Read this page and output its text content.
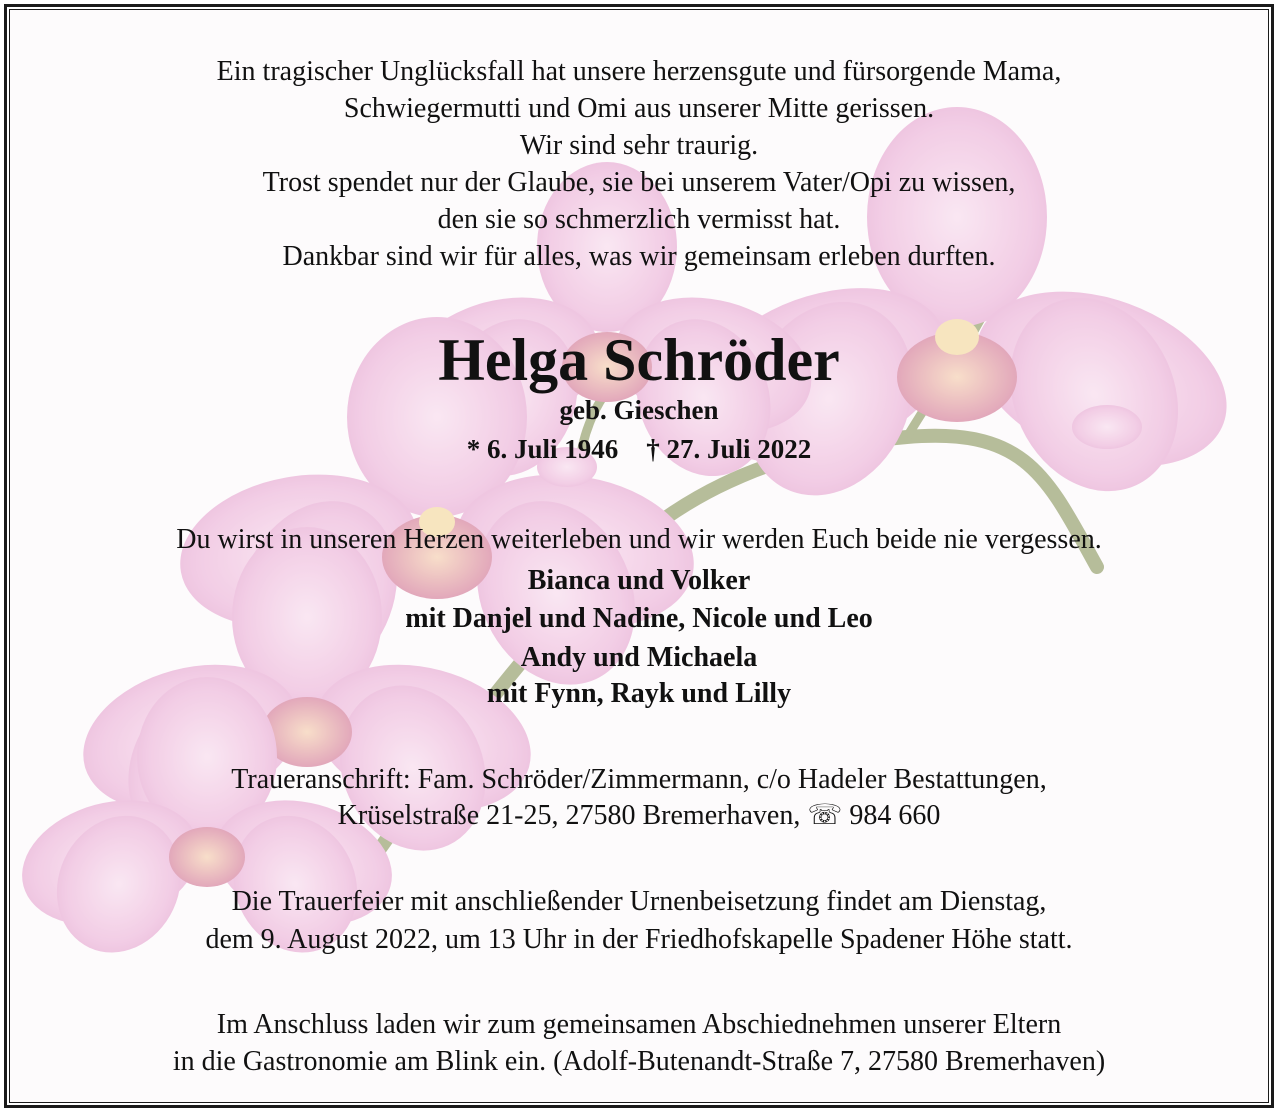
Ein tragischer Unglücksfall hat unsere herzensgute und fürsorgende Mama,
Schwiegermutti und Omi aus unserer Mitte gerissen.
Wir sind sehr traurig.
Trost spendet nur der Glaube, sie bei unserem Vater/Opi zu wissen,
den sie so schmerzlich vermisst hat.
Dankbar sind wir für alles, was wir gemeinsam erleben durften.
Helga Schröder
geb. Gieschen
* 6. Juli 1946 † 27. Juli 2022
Du wirst in unseren Herzen weiterleben und wir werden Euch beide nie vergessen.
Bianca und Volker
mit Danjel und Nadine, Nicole und Leo
Andy und Michaela
mit Fynn, Rayk und Lilly
Traueranschrift: Fam. Schröder/Zimmermann, c/o Hadeler Bestattungen,
Krüselstraße 21-25, 27580 Bremerhaven, ☏ 984 660
Die Trauerfeier mit anschließender Urnenbeisetzung findet am Dienstag,
dem 9. August 2022, um 13 Uhr in der Friedhofskapelle Spadener Höhe statt.
Im Anschluss laden wir zum gemeinsamen Abschiednehmen unserer Eltern
in die Gastronomie am Blink ein. (Adolf-Butenandt-Straße 7, 27580 Bremerhaven)
